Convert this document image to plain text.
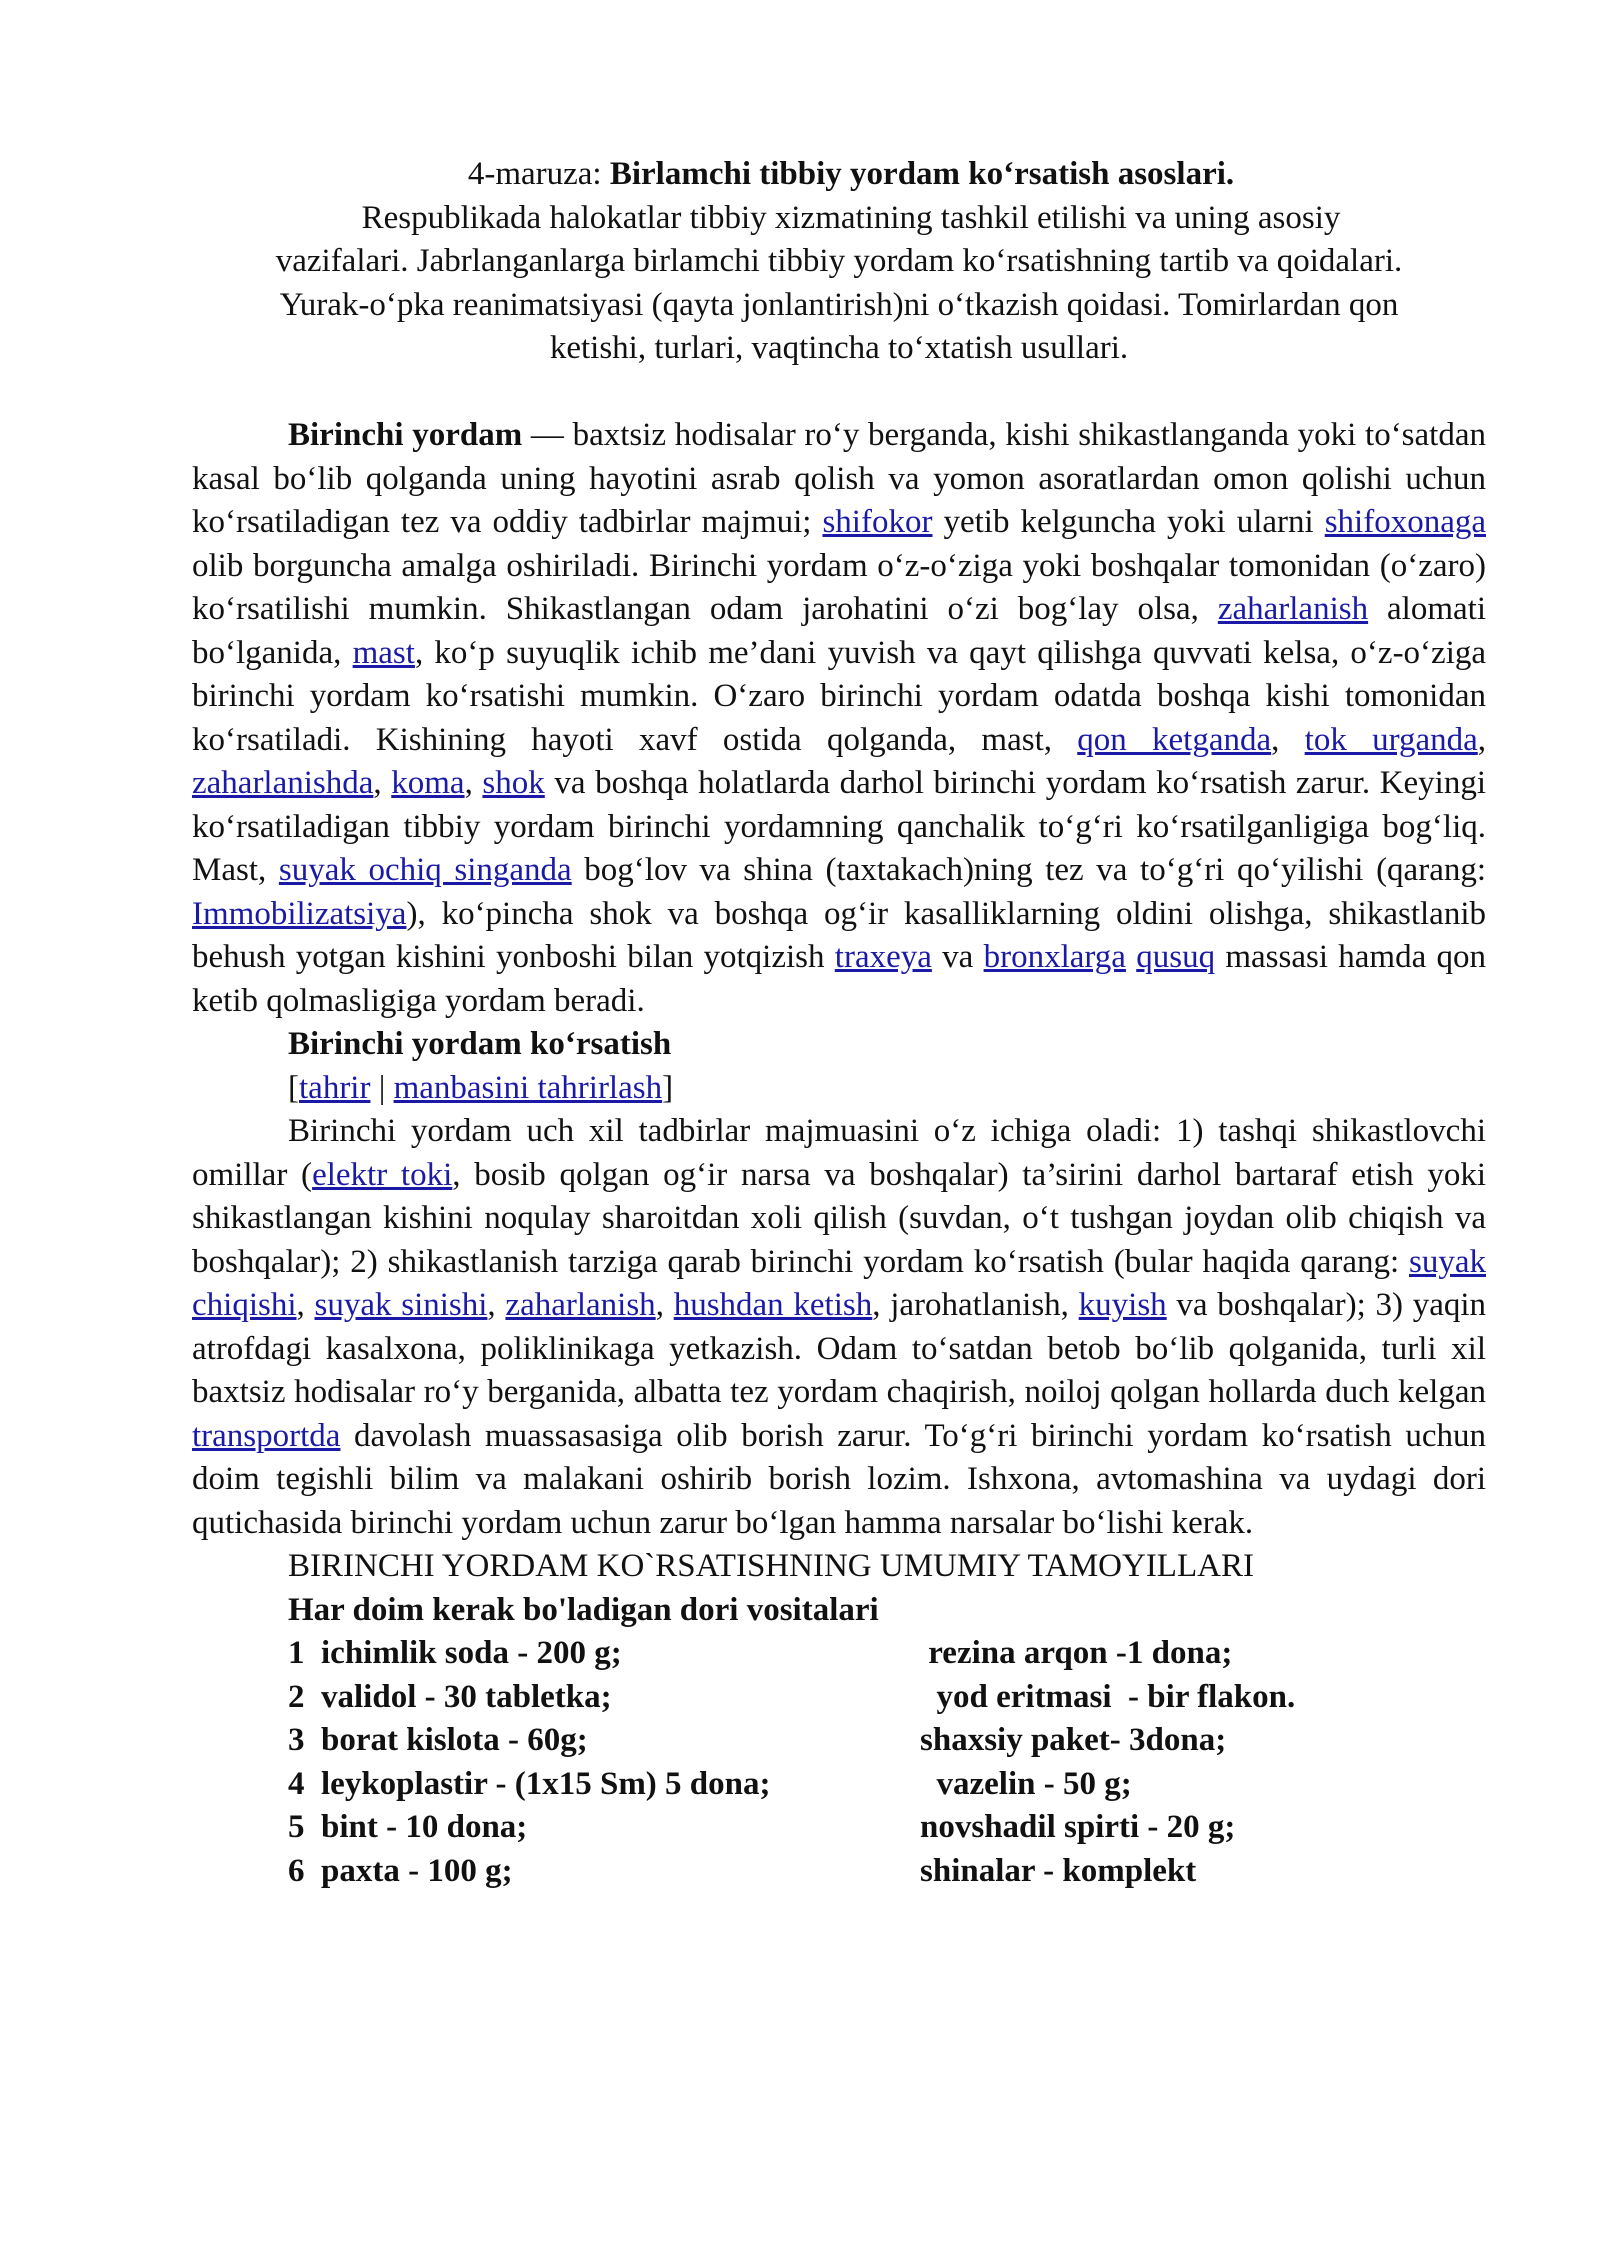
4-maruza: Birlamchi tibbiy yordam ko‘rsatish asoslari.
Respublikada halokatlar tibbiy xizmatining tashkil etilishi va uning asosiy
vazifalari. Jabrlanganlarga birlamchi tibbiy yordam ko‘rsatishning tartib va qoidalari.
Yurak-o‘pka reanimatsiyasi (qayta jonlantirish)ni o‘tkazish qoidasi. Tomirlardan qon
ketishi, turlari, vaqtincha to‘xtatish usullari.

Birinchi yordam — baxtsiz hodisalar ro‘y berganda, kishi shikastlanganda yoki to‘satdan kasal bo‘lib qolganda uning hayotini asrab qolish va yomon asoratlardan omon qolishi uchun ko‘rsatiladigan tez va oddiy tadbirlar majmui; shifokor yetib kelguncha yoki ularni shifoxonaga olib borguncha amalga oshiriladi. Birinchi yordam o‘z-o‘ziga yoki boshqalar tomonidan (o‘zaro) ko‘rsatilishi mumkin. Shikastlangan odam jarohatini o‘zi bog‘lay olsa, zaharlanish alomati bo‘lganida, mast, ko‘p suyuqlik ichib me’dani yuvish va qayt qilishga quvvati kelsa, o‘z-o‘ziga birinchi yordam ko‘rsatishi mumkin. O‘zaro birinchi yordam odatda boshqa kishi tomonidan ko‘rsatiladi. Kishining hayoti xavf ostida qolganda, mast, qon ketganda, tok urganda, zaharlanishda, koma, shok va boshqa holatlarda darhol birinchi yordam ko‘rsatish zarur. Keyingi ko‘rsatiladigan tibbiy yordam birinchi yordamning qanchalik to‘g‘ri ko‘rsatilganligiga bog‘liq. Mast, suyak ochiq singanda bog‘lov va shina (taxtakach)ning tez va to‘g‘ri qo‘yilishi (qarang: Immobilizatsiya), ko‘pincha shok va boshqa og‘ir kasalliklarning oldini olishga, shikastlanib behush yotgan kishini yonboshi bilan yotqizish traxeya va bronxlarga qusuq massasi hamda qon ketib qolmasligiga yordam beradi.

Birinchi yordam ko‘rsatish
[tahrir | manbasini tahrirlash]

Birinchi yordam uch xil tadbirlar majmuasini o‘z ichiga oladi: 1) tashqi shikastlovchi omillar (elektr toki, bosib qolgan og‘ir narsa va boshqalar) ta’sirini darhol bartaraf etish yoki shikastlangan kishini noqulay sharoitdan xoli qilish (suvdan, o‘t tushgan joydan olib chiqish va boshqalar); 2) shikastlanish tarziga qarab birinchi yordam ko‘rsatish (bular haqida qarang: suyak chiqishi, suyak sinishi, zaharlanish, hushdan ketish, jarohatlanish, kuyish va boshqalar); 3) yaqin atrofdagi kasalxona, poliklinikaga yetkazish. Odam to‘satdan betob bo‘lib qolganida, turli xil baxtsiz hodisalar ro‘y berganida, albatta tez yordam chaqirish, noiloj qolgan hollarda duch kelgan transportda davolash muassasasiga olib borish zarur. To‘g‘ri birinchi yordam ko‘rsatish uchun doim tegishli bilim va malakani oshirib borish lozim. Ishxona, avtomashina va uydagi dori qutichasida birinchi yordam uchun zarur bo‘lgan hamma narsalar bo‘lishi kerak.

BIRINCHI YORDAM KO`RSATISHNING UMUMIY TAMOYILLARI
Har doim kerak bo'ladigan dori vositalari
1  ichimlik soda - 200 g;	rezina arqon -1 dona;
2  validol - 30 tabletka;	yod eritmasi  - bir flakon.
3  borat kislota - 60g;	shaxsiy paket- 3dona;
4  leykoplastir - (1x15 Sm) 5 dona;	vazelin - 50 g;
5  bint - 10 dona;	novshadil spirti - 20 g;
6  paxta - 100 g;	shinalar - komplekt
